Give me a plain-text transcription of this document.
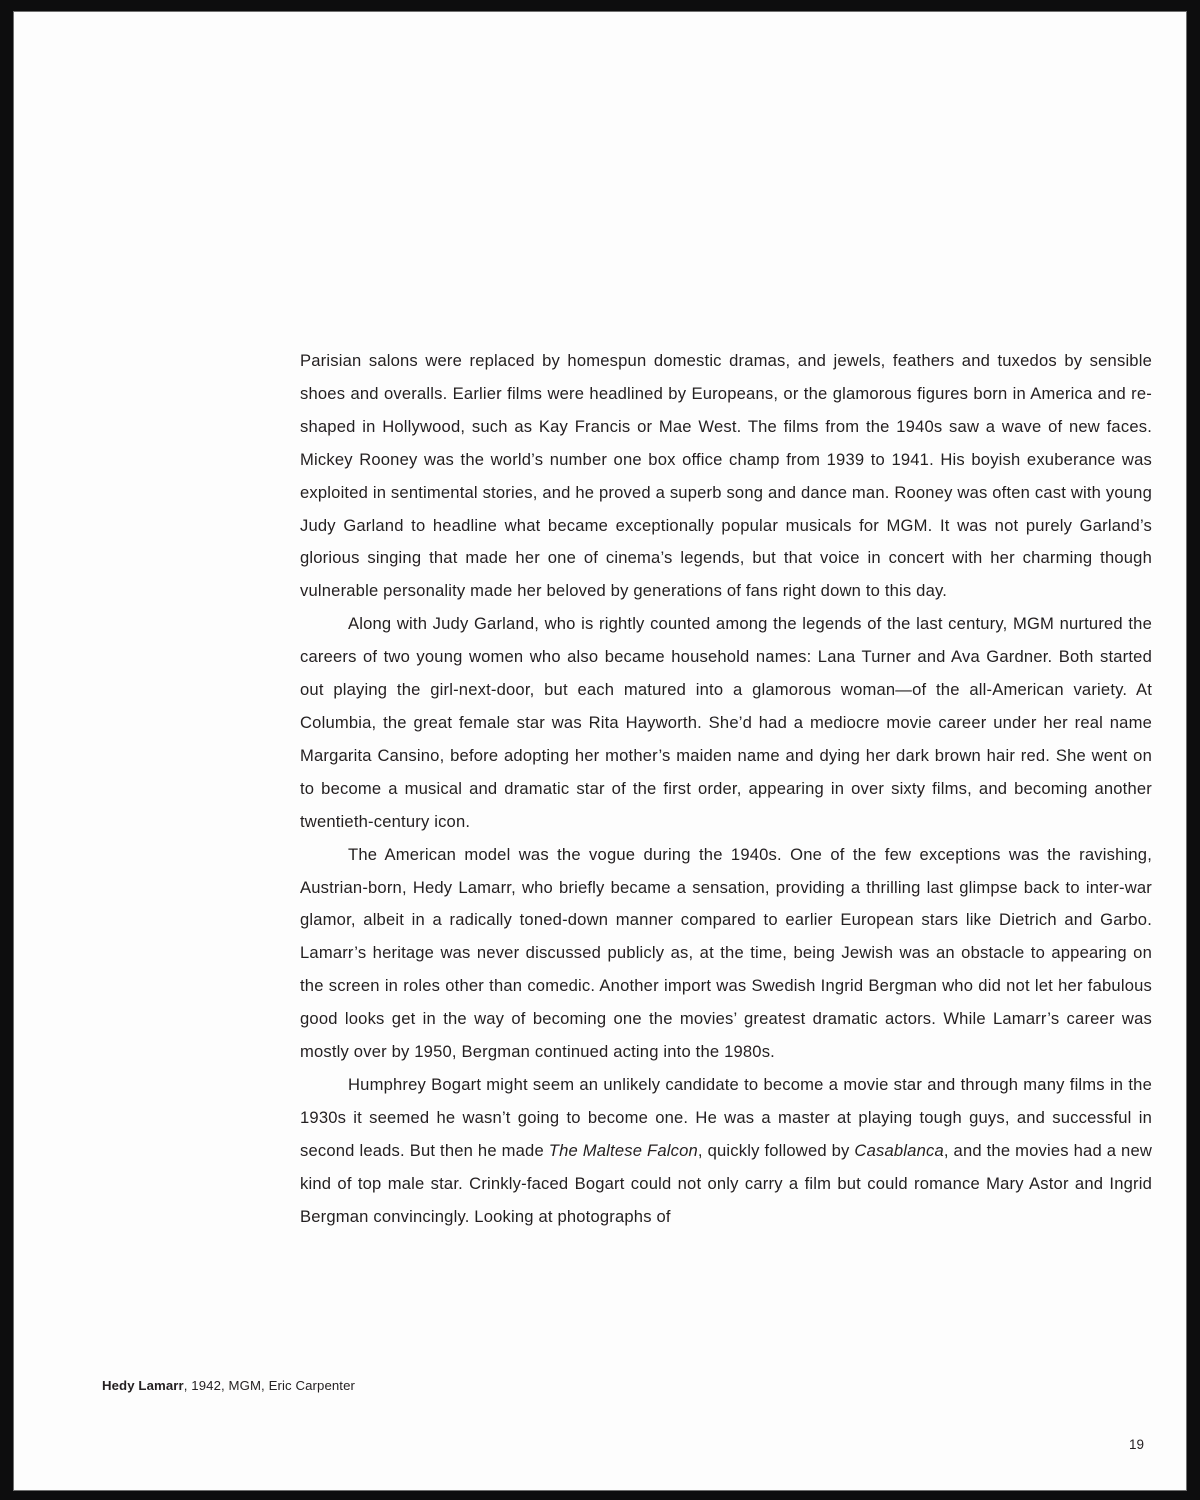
Parisian salons were replaced by homespun domestic dramas, and jewels, feathers and tuxedos by sensible shoes and overalls. Earlier films were headlined by Europeans, or the glamorous figures born in America and re-shaped in Hollywood, such as Kay Francis or Mae West. The films from the 1940s saw a wave of new faces. Mickey Rooney was the world’s number one box office champ from 1939 to 1941. His boyish exuberance was exploited in sentimental stories, and he proved a superb song and dance man. Rooney was often cast with young Judy Garland to headline what became exceptionally popular musicals for MGM. It was not purely Garland’s glorious singing that made her one of cinema’s legends, but that voice in concert with her charming though vulnerable personality made her beloved by generations of fans right down to this day.

Along with Judy Garland, who is rightly counted among the legends of the last century, MGM nurtured the careers of two young women who also became household names: Lana Turner and Ava Gardner. Both started out playing the girl-next-door, but each matured into a glamorous woman—of the all-American variety. At Columbia, the great female star was Rita Hayworth. She’d had a mediocre movie career under her real name Margarita Cansino, before adopting her mother’s maiden name and dying her dark brown hair red. She went on to become a musical and dramatic star of the first order, appearing in over sixty films, and becoming another twentieth-century icon.

The American model was the vogue during the 1940s. One of the few exceptions was the ravishing, Austrian-born, Hedy Lamarr, who briefly became a sensation, providing a thrilling last glimpse back to inter-war glamor, albeit in a radically toned-down manner compared to earlier European stars like Dietrich and Garbo. Lamarr’s heritage was never discussed publicly as, at the time, being Jewish was an obstacle to appearing on the screen in roles other than comedic. Another import was Swedish Ingrid Bergman who did not let her fabulous good looks get in the way of becoming one the movies’ greatest dramatic actors. While Lamarr’s career was mostly over by 1950, Bergman continued acting into the 1980s.

Humphrey Bogart might seem an unlikely candidate to become a movie star and through many films in the 1930s it seemed he wasn’t going to become one. He was a master at playing tough guys, and successful in second leads. But then he made The Maltese Falcon, quickly followed by Casablanca, and the movies had a new kind of top male star. Crinkly-faced Bogart could not only carry a film but could romance Mary Astor and Ingrid Bergman convincingly. Looking at photographs of

Hedy Lamarr, 1942, MGM, Eric Carpenter
19
